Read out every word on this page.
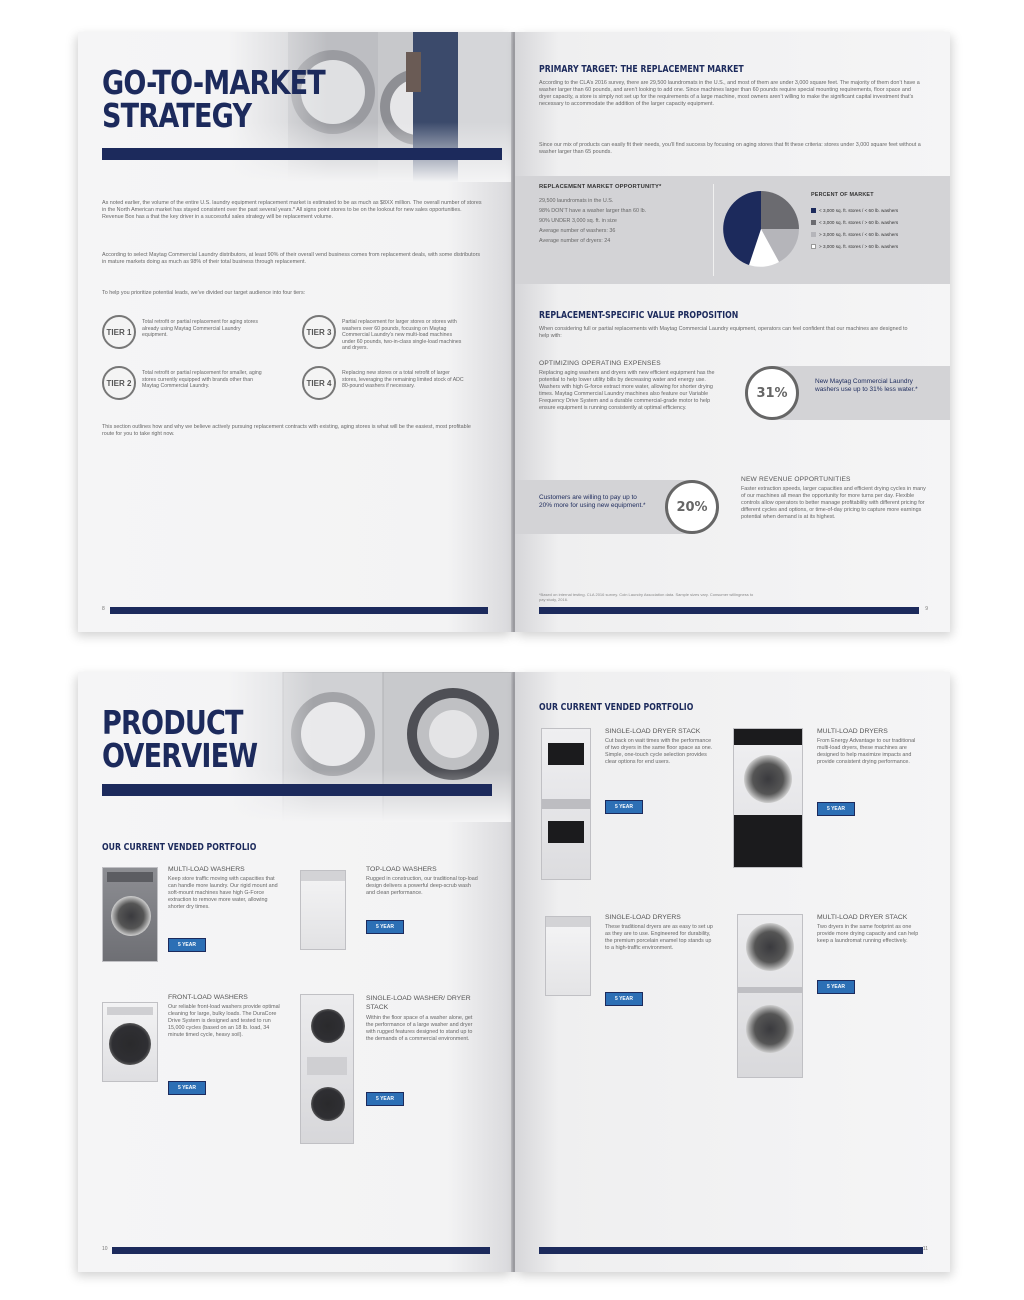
GO-TO-MARKET
STRATEGY
As noted earlier, the volume of the entire U.S. laundry equipment replacement market is estimated to be as much as $8XX million. The overall number of stores in the North American market has stayed consistent over the past several years.* All signs point stores to be on the lookout for new sales opportunities. Revenue Box has a that the key driver in a successful sales strategy will be replacement volume.
According to select Maytag Commercial Laundry distributors, at least 90% of their overall vend business comes from replacement deals, with some distributors in mature markets doing as much as 98% of their total business through replacement.
To help you prioritize potential leads, we’ve divided our target audience into four tiers:
TIER 1
Total retrofit or partial replacement for aging stores already using Maytag Commercial Laundry equipment.	TIER 3
Partial replacement for larger stores or stores with washers over 60 pounds, focusing on Maytag Commercial Laundry’s new multi-load machines under 60 pounds, two-in-class single-load machines and dryers.
TIER 2
Total retrofit or partial replacement for smaller, aging stores currently equipped with brands other than Maytag Commercial Laundry.	TIER 4
Replacing new stores or a total retrofit of larger stores, leveraging the remaining limited stock of ADC 80-pound washers if necessary.
This section outlines how and why we believe actively pursuing replacement contracts with existing, aging stores is what will be the easiest, most profitable route for you to take right now.
8
PRIMARY TARGET: THE REPLACEMENT MARKET
According to the CLA’s 2016 survey, there are 29,500 laundromats in the U.S., and most of them are under 3,000 square feet. The majority of them don’t have a washer larger than 60 pounds, and aren’t looking to add one. Since machines larger than 60 pounds require special mounting requirements, floor space and dryer capacity, a store is simply not set up for the requirements of a large machine, most owners aren’t willing to make the significant capital investment that’s necessary to accommodate the addition of the larger capacity equipment.
Since our mix of products can easily fit their needs, you’ll find success by focusing on aging stores that fit these criteria: stores under 3,000 square feet without a washer larger than 65 pounds.
REPLACEMENT MARKET OPPORTUNITY*
29,500 laundromats in the U.S.
98% DON’T have a washer larger than 60 lb.
90% UNDER 3,000 sq. ft. in size
Average number of washers: 36
Average number of dryers: 24
PERCENT OF MARKET
< 3,000 sq. ft. stores / < 60 lb. washers
< 3,000 sq. ft. stores / > 60 lb. washers
> 3,000 sq. ft. stores / < 60 lb. washers
> 3,000 sq. ft. stores / > 60 lb. washers
REPLACEMENT-SPECIFIC VALUE PROPOSITION
When considering full or partial replacements with Maytag Commercial Laundry equipment, operators can feel confident that our machines are designed to help with:
OPTIMIZING OPERATING EXPENSES
Replacing aging washers and dryers with new efficient equipment has the potential to help lower utility bills by decreasing water and energy use. Washers with high G-force extract more water, allowing for shorter drying times. Maytag Commercial Laundry machines also feature our Variable Frequency Drive System and a durable commercial-grade motor to help ensure equipment is running consistently at optimal efficiency.
31%
New Maytag Commercial Laundry washers use up to 31% less water.*
Customers are willing to pay up to 20% more for using new equipment.*	20%
NEW REVENUE OPPORTUNITIES
Faster extraction speeds, larger capacities and efficient drying cycles in many of our machines all mean the opportunity for more turns per day. Flexible controls allow operators to better manage profitability with different pricing for different cycles and options, or time-of-day pricing to capture more earnings potential when demand is at its highest.
*Based on internal testing. CLA 2016 survey. Coin Laundry Association data. Sample sizes vary. Consumer willingness to pay study, 2016.
9
PRODUCT
OVERVIEW
OUR CURRENT VENDED PORTFOLIO
MULTI-LOAD WASHERS
Keep store traffic moving with capacities that can handle more laundry. Our rigid mount and soft-mount machines have high G-Force extraction to remove more water, allowing shorter dry times.
5 YEAR
TOP-LOAD WASHERS
Rugged in construction, our traditional top-load design delivers a powerful deep-scrub wash and clean performance.
5 YEAR
FRONT-LOAD WASHERS
Our reliable front-load washers provide optimal cleaning for large, bulky loads. The DuraCore Drive System is designed and tested to run 15,000 cycles (based on an 18 lb. load, 34 minute timed cycle, heavy soil).
5 YEAR
SINGLE-LOAD WASHER/ DRYER STACK
Within the floor space of a washer alone, get the performance of a large washer and dryer with rugged features designed to stand up to the demands of a commercial environment.
5 YEAR
10
OUR CURRENT VENDED PORTFOLIO
SINGLE-LOAD DRYER STACK
Cut back on wait times with the performance of two dryers in the same floor space as one. Simple, one-touch cycle selection provides clear options for end users.
5 YEAR
MULTI-LOAD DRYERS
From Energy Advantage to our traditional multi-load dryers, these machines are designed to help maximize impacts and provide consistent drying performance.
5 YEAR
SINGLE-LOAD DRYERS
These traditional dryers are as easy to set up as they are to use. Engineered for durability, the premium porcelain enamel top stands up to a high-traffic environment.
5 YEAR
MULTI-LOAD DRYER STACK
Two dryers in the same footprint as one provide more drying capacity and can help keep a laundromat running effectively.
5 YEAR
11
